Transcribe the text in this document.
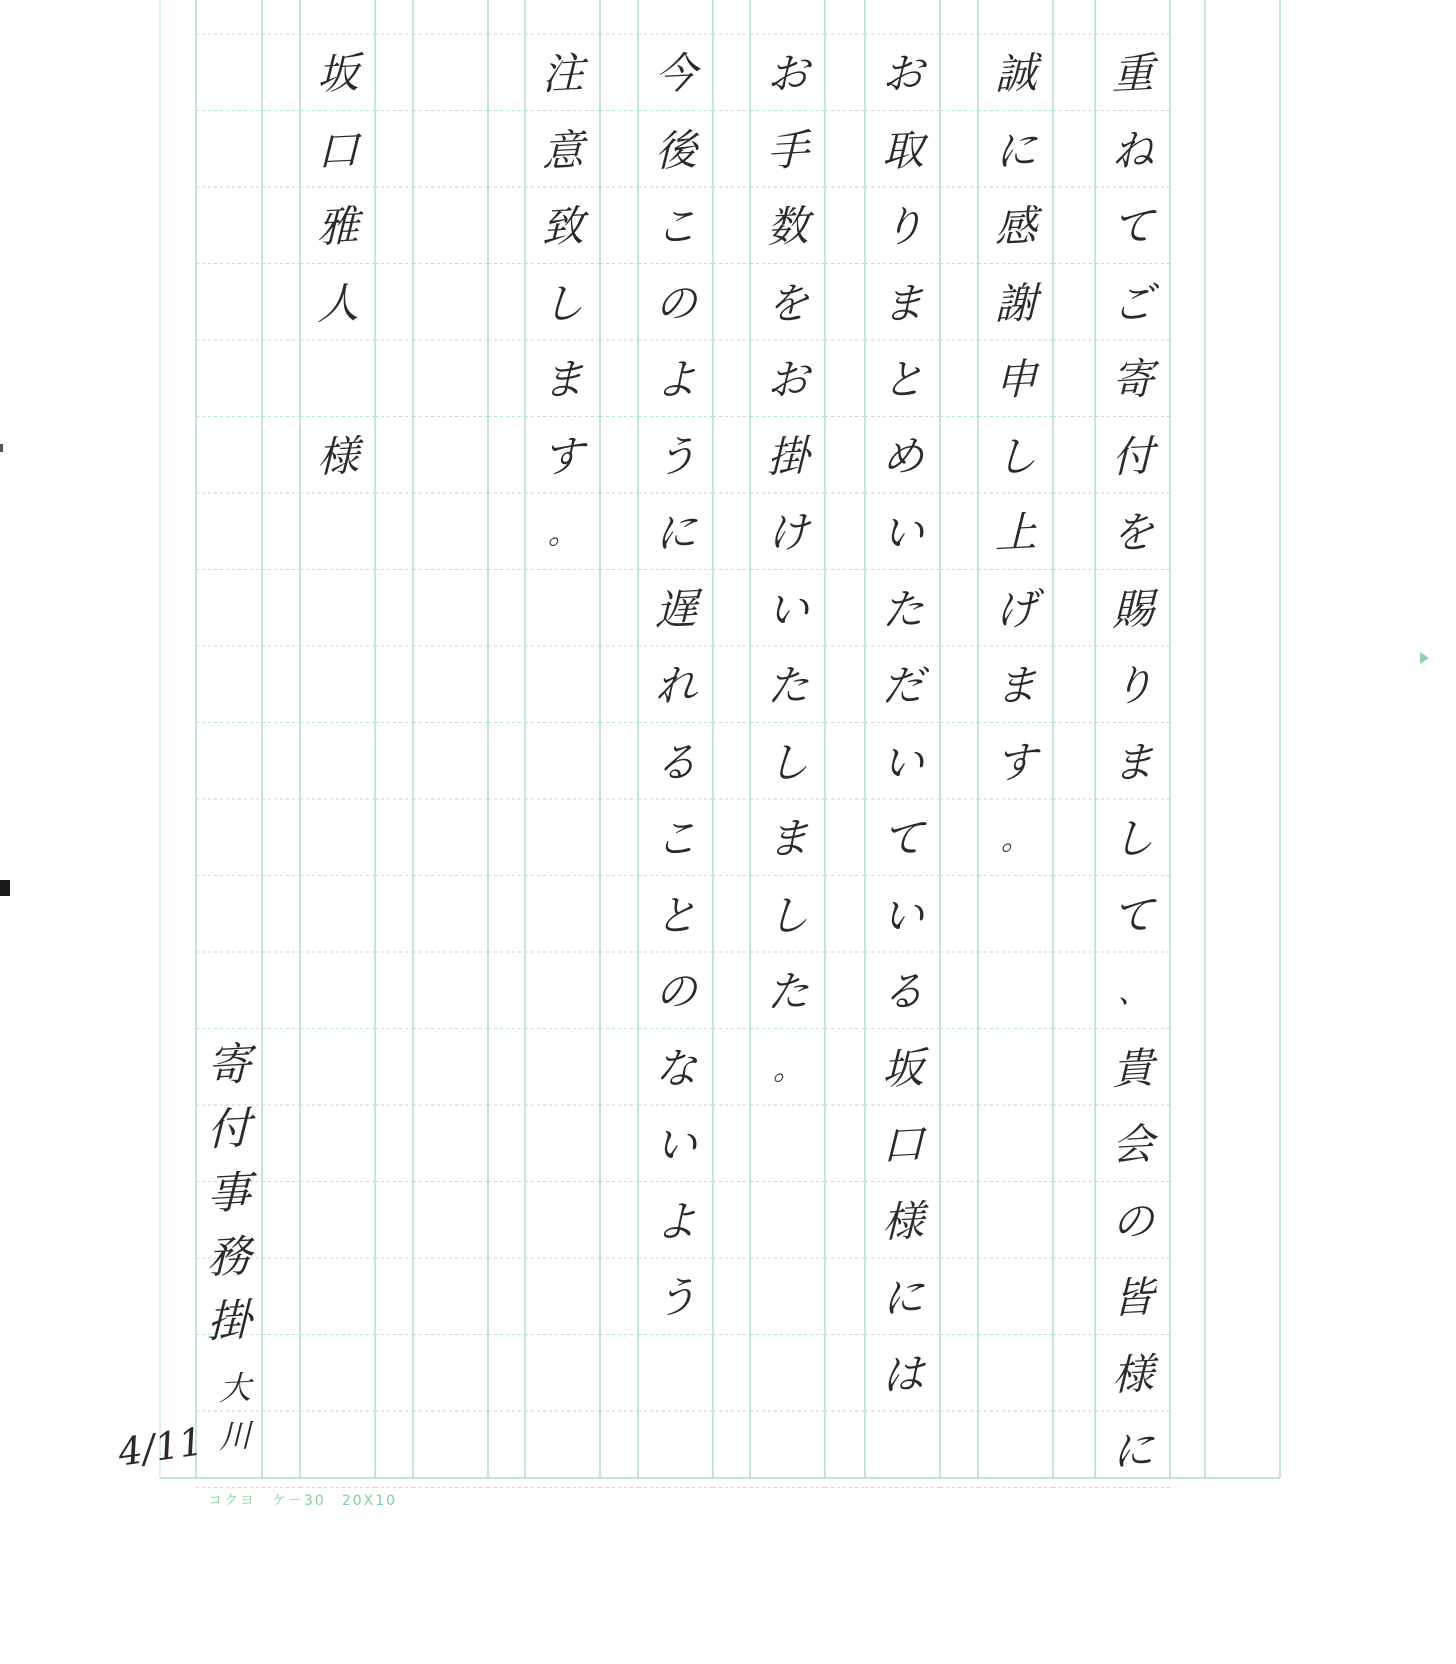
重
ね
て
ご
寄
付
を
賜
り
ま
し
て
、
貴
会
の
皆
様
に
誠
に
感
謝
申
し
上
げ
ま
す
。
お
取
り
ま
と
め
い
た
だ
い
て
い
る
坂
口
様
に
は
お
手
数
を
お
掛
け
い
た
し
ま
し
た
。
今
後
こ
の
よ
う
に
遅
れ
る
こ
と
の
な
い
よ
う
注
意
致
し
ま
す
。
坂
口
雅
人
様
寄
付
事
務
掛
大
川
4/11
コクヨ　ケ－30　20X10
